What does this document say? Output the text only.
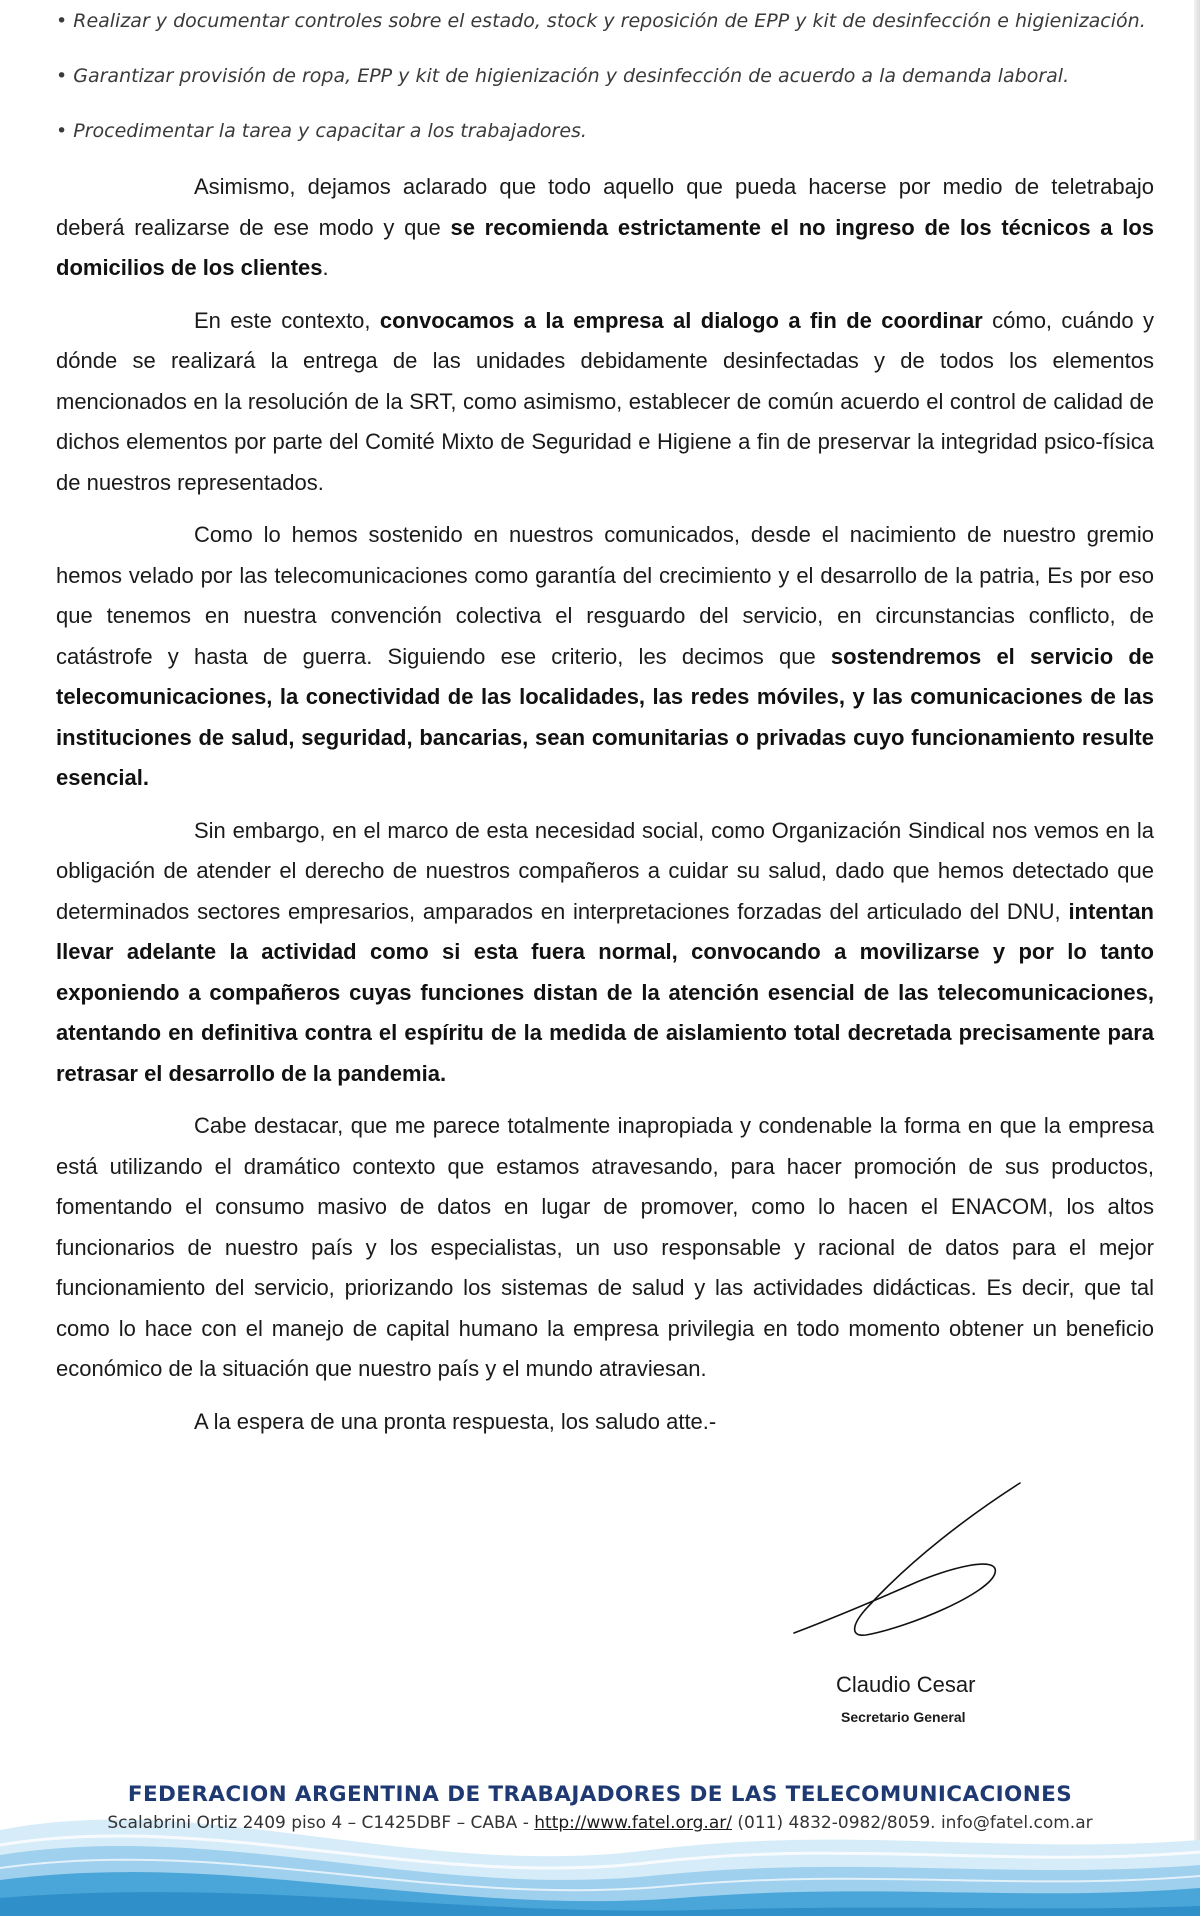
• Realizar y documentar controles sobre el estado, stock y reposición de EPP y kit de desinfección e higienización.
• Garantizar provisión de ropa, EPP y kit de higienización y desinfección de acuerdo a la demanda laboral.
• Procedimentar la tarea y capacitar a los trabajadores.

Asimismo, dejamos aclarado que todo aquello que pueda hacerse por medio de teletrabajo deberá realizarse de ese modo y que se recomienda estrictamente el no ingreso de los técnicos a los domicilios de los clientes.

En este contexto, convocamos a la empresa al dialogo a fin de coordinar cómo, cuándo y dónde se realizará la entrega de las unidades debidamente desinfectadas y de todos los elementos mencionados en la resolución de la SRT, como asimismo, establecer de común acuerdo el control de calidad de dichos elementos por parte del Comité Mixto de Seguridad e Higiene a fin de preservar la integridad psico-física de nuestros representados.

Como lo hemos sostenido en nuestros comunicados, desde el nacimiento de nuestro gremio hemos velado por las telecomunicaciones como garantía del crecimiento y el desarrollo de la patria, Es por eso que tenemos en nuestra convención colectiva el resguardo del servicio, en circunstancias conflicto, de catástrofe y hasta de guerra. Siguiendo ese criterio, les decimos que sostendremos el servicio de telecomunicaciones, la conectividad de las localidades, las redes móviles, y las comunicaciones de las instituciones de salud, seguridad, bancarias, sean comunitarias o privadas cuyo funcionamiento resulte esencial.

Sin embargo, en el marco de esta necesidad social, como Organización Sindical nos vemos en la obligación de atender el derecho de nuestros compañeros a cuidar su salud, dado que hemos detectado que determinados sectores empresarios, amparados en interpretaciones forzadas del articulado del DNU, intentan llevar adelante la actividad como si esta fuera normal, convocando a movilizarse y por lo tanto exponiendo a compañeros cuyas funciones distan de la atención esencial de las telecomunicaciones, atentando en definitiva contra el espíritu de la medida de aislamiento total decretada precisamente para retrasar el desarrollo de la pandemia.

Cabe destacar, que me parece totalmente inapropiada y condenable la forma en que la empresa está utilizando el dramático contexto que estamos atravesando, para hacer promoción de sus productos, fomentando el consumo masivo de datos en lugar de promover, como lo hacen el ENACOM, los altos funcionarios de nuestro país y los especialistas, un uso responsable y racional de datos para el mejor funcionamiento del servicio, priorizando los sistemas de salud y las actividades didácticas. Es decir, que tal como lo hace con el manejo de capital humano la empresa privilegia en todo momento obtener un beneficio económico de la situación que nuestro país y el mundo atraviesan.

A la espera de una pronta respuesta, los saludo atte.-

Claudio Cesar
Secretario General
FEDERACION ARGENTINA DE TRABAJADORES DE LAS TELECOMUNICACIONES
Scalabrini Ortiz 2409 piso 4 – C1425DBF – CABA - http://www.fatel.org.ar/ (011) 4832-0982/8059. info@fatel.com.ar
